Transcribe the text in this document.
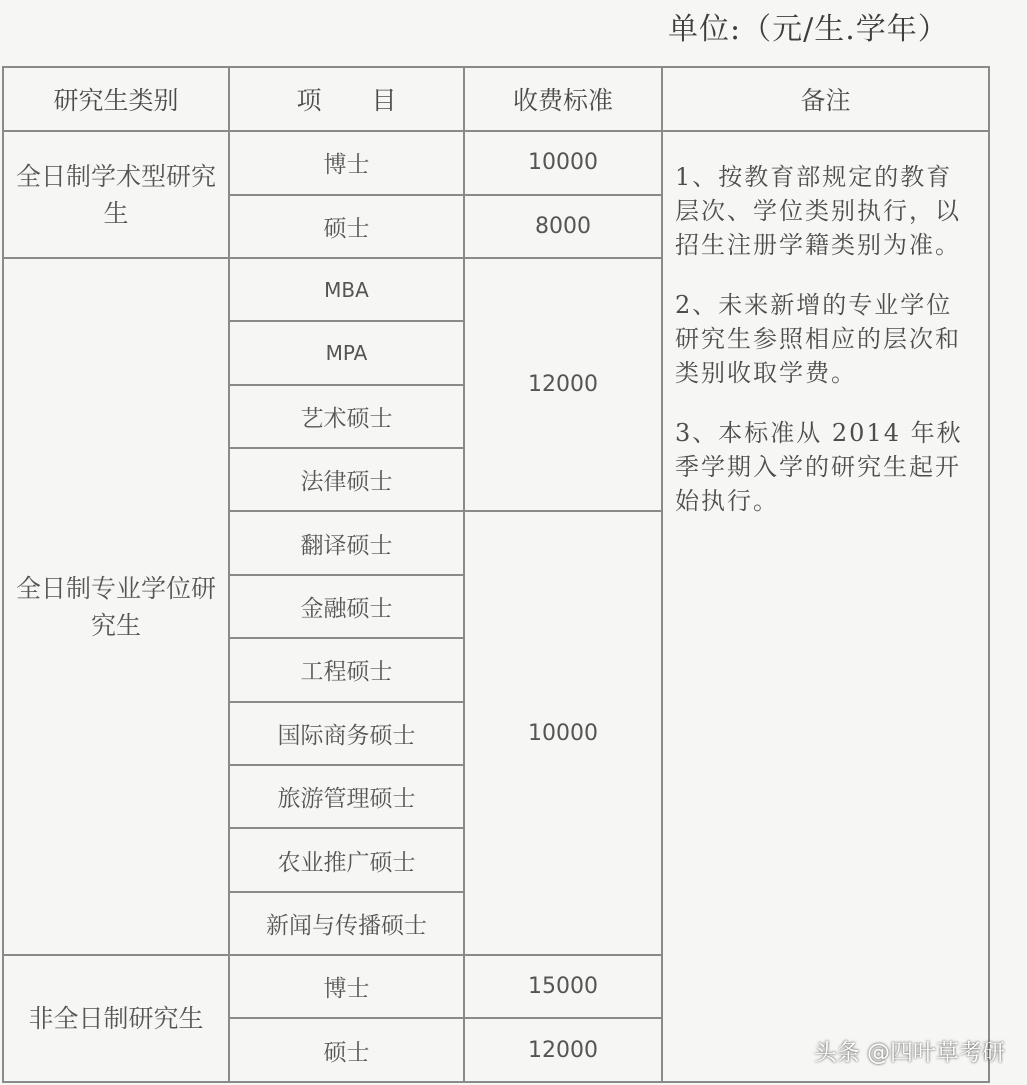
单位:（元/生.学年）
研究生类别	项　　目	收费标准	备注
全日制学术型研究生	博士	10000	1、按教育部规定的教育层次、学位类别执行，以招生注册学籍类别为准。

2、未来新增的专业学位研究生参照相应的层次和类别收取学费。

3、本标准从 2014 年秋季学期入学的研究生起开始执行。

	硕士	8000	
全日制专业学位研究生	MBA	12000	
	MPA		
	艺术硕士		
	法律硕士		
	翻译硕士	10000	
	金融硕士		
	工程硕士		
	国际商务硕士		
	旅游管理硕士		
	农业推广硕士		
	新闻与传播硕士		
非全日制研究生	博士	15000	
	硕士	12000		头条 @四叶草考研
